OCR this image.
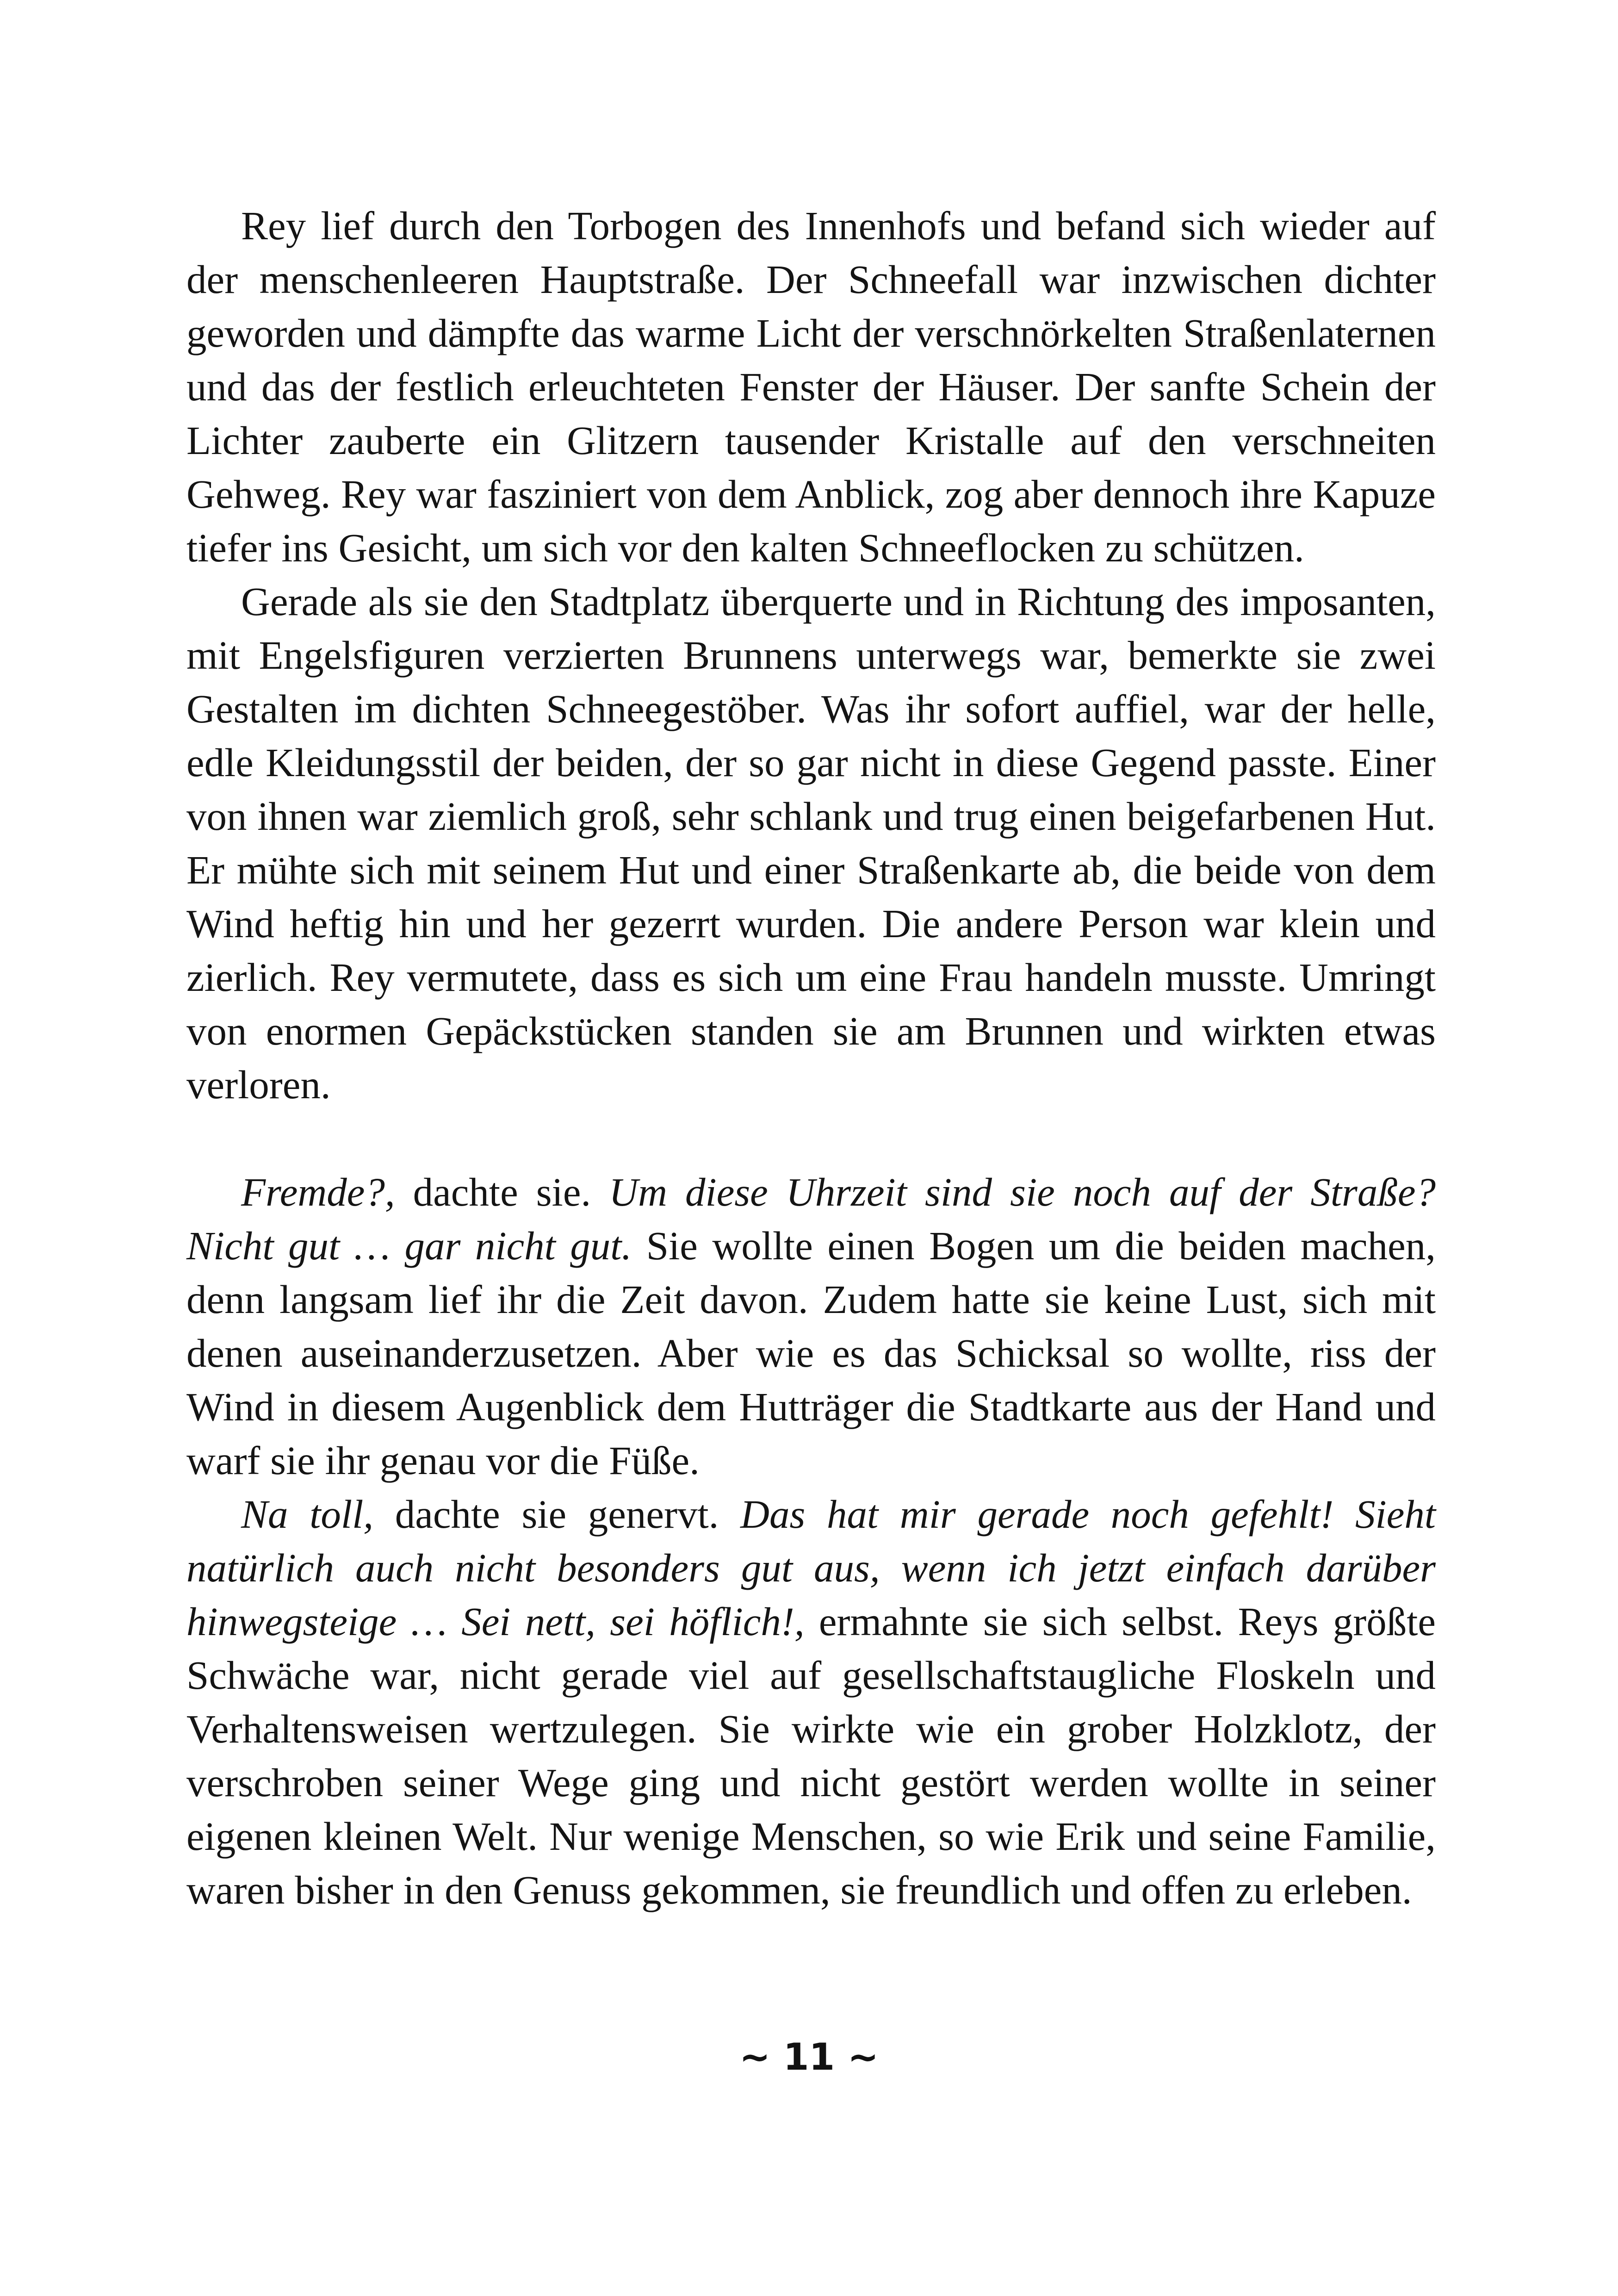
Rey lief durch den Torbogen des Innenhofs und befand sich wieder auf der menschenleeren Hauptstraße. Der Schneefall war inzwischen dichter geworden und dämpfte das warme Licht der verschnörkelten Straßenlaternen und das der festlich erleuchteten Fenster der Häuser. Der sanfte Schein der Lichter zauberte ein Glitzern tausender Kristalle auf den verschneiten Gehweg. Rey war fasziniert von dem Anblick, zog aber dennoch ihre Kapuze tiefer ins Gesicht, um sich vor den kalten Schneeflocken zu schützen.

Gerade als sie den Stadtplatz überquerte und in Richtung des imposanten, mit Engelsfiguren verzierten Brunnens unterwegs war, bemerkte sie zwei Gestalten im dichten Schneegestöber. Was ihr sofort auffiel, war der helle, edle Kleidungsstil der beiden, der so gar nicht in diese Gegend passte. Einer von ihnen war ziemlich groß, sehr schlank und trug einen beigefarbenen Hut. Er mühte sich mit seinem Hut und einer Straßenkarte ab, die beide von dem Wind heftig hin und her gezerrt wurden. Die andere Person war klein und zierlich. Rey vermutete, dass es sich um eine Frau handeln musste. Umringt von enormen Gepäckstücken standen sie am Brunnen und wirkten etwas verloren.

Fremde?, dachte sie. Um diese Uhrzeit sind sie noch auf der Straße? Nicht gut … gar nicht gut. Sie wollte einen Bogen um die beiden machen, denn langsam lief ihr die Zeit davon. Zudem hatte sie keine Lust, sich mit denen auseinanderzusetzen. Aber wie es das Schicksal so wollte, riss der Wind in diesem Augenblick dem Hutträger die Stadtkarte aus der Hand und warf sie ihr genau vor die Füße.

Na toll, dachte sie genervt. Das hat mir gerade noch gefehlt! Sieht natürlich auch nicht besonders gut aus, wenn ich jetzt einfach darüber hinwegsteige … Sei nett, sei höflich!, ermahnte sie sich selbst. Reys größte Schwäche war, nicht gerade viel auf gesellschaftstaugliche Floskeln und Verhaltensweisen wertzulegen. Sie wirkte wie ein grober Holzklotz, der verschroben seiner Wege ging und nicht gestört werden wollte in seiner eigenen kleinen Welt. Nur wenige Menschen, so wie Erik und seine Familie, waren bisher in den Genuss gekommen, sie freundlich und offen zu erleben.

~ 11 ~
